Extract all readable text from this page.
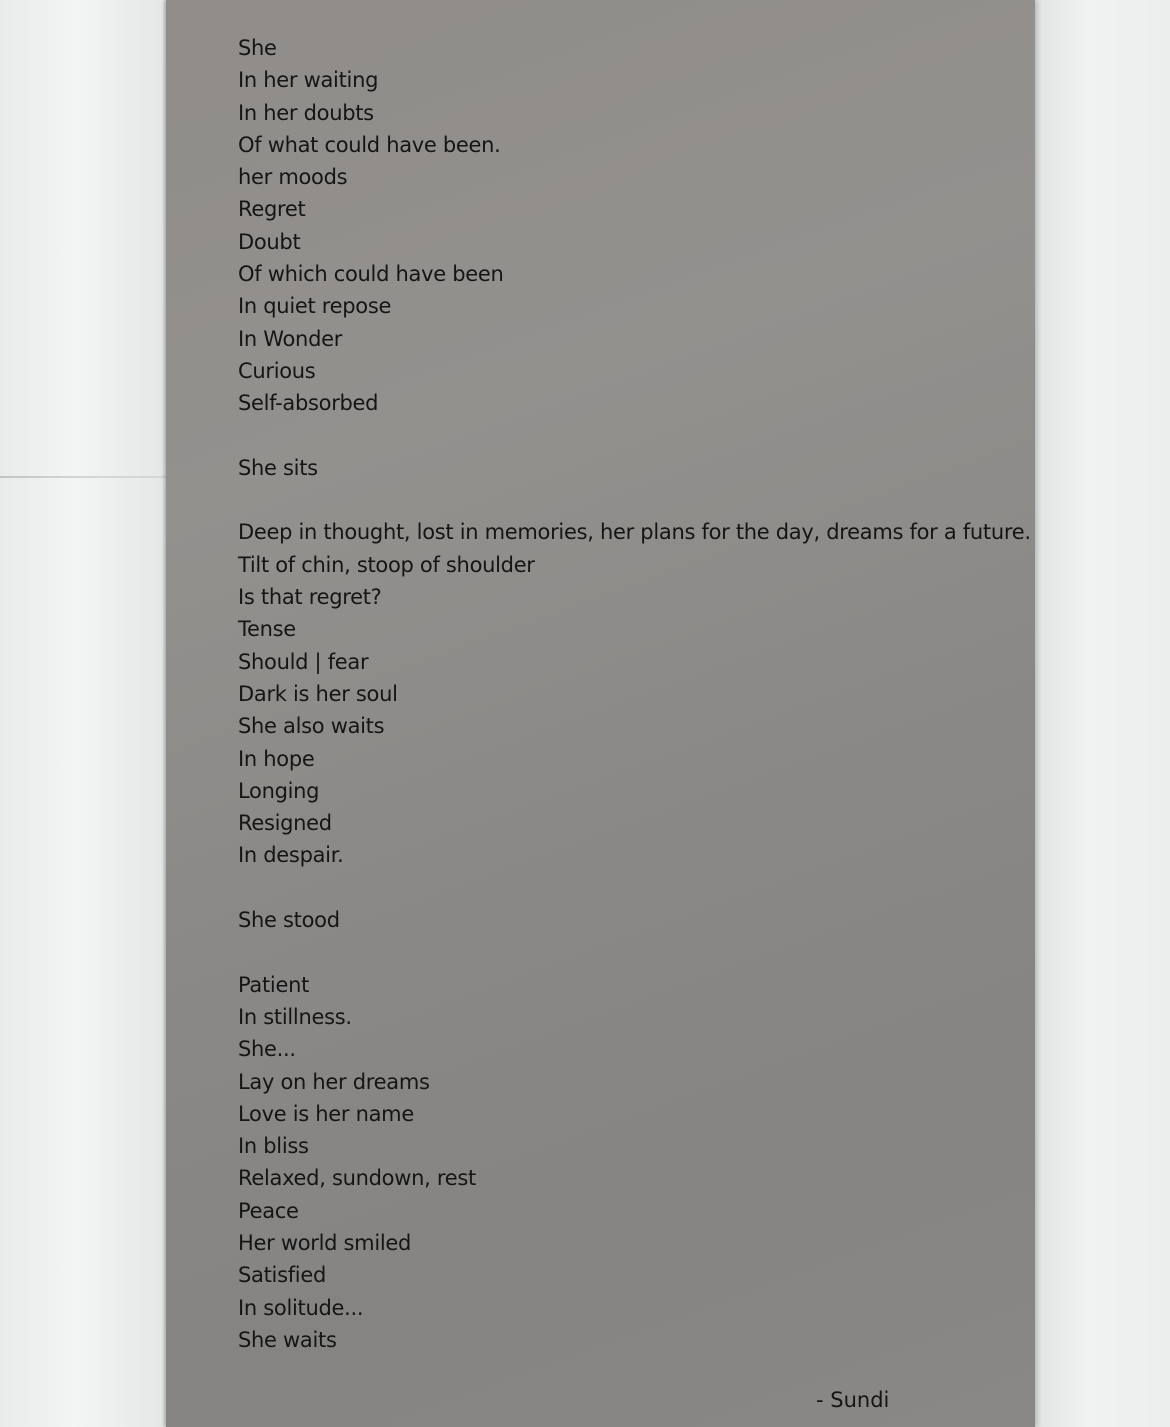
She
In her waiting
In her doubts
Of what could have been.
her moods
Regret
Doubt
Of which could have been
In quiet repose
In Wonder
Curious
Self-absorbed
She sits
Deep in thought, lost in memories, her plans for the day, dreams for a future.
Tilt of chin, stoop of shoulder
Is that regret?
Tense
Should | fear
Dark is her soul
She also waits
In hope
Longing
Resigned
In despair.
She stood
Patient
In stillness.
She...
Lay on her dreams
Love is her name
In bliss
Relaxed, sundown, rest
Peace
Her world smiled
Satisfied
In solitude...
She waits
- Sundi
